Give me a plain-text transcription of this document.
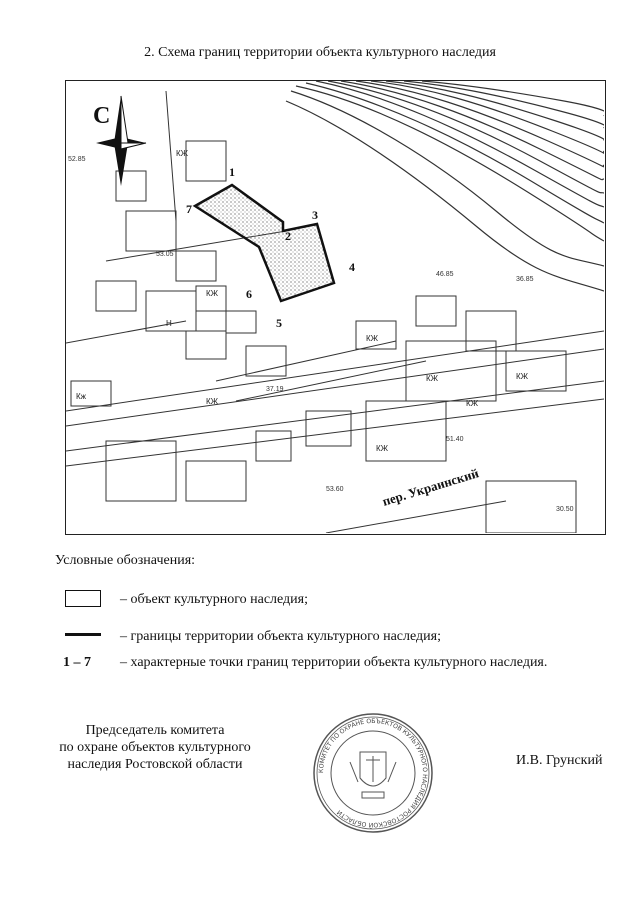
2. Схема границ территории объекта культурного наследия
1
2
3
4
5
6
7
С
пер. Украинский
КЖ
КЖ
КЖ
КЖ
КЖ
КЖ
КЖ
КЖ
Кж
Н
52.85
53.05
36.85
46.85
37.19
51.40
53.60
30.50
Условные обозначения:
– объект культурного наследия;
– границы территории объекта культурного наследия;
1 – 7 – характерные точки границ территории объекта культурного наследия.
Председатель комитета
по охране объектов культурного
наследия Ростовской области	КОМИТЕТ ПО ОХРАНЕ ОБЪЕКТОВ КУЛЬТУРНОГО НАСЛЕДИЯ РОСТОВСКОЙ ОБЛАСТИ
И.В. Грунский
